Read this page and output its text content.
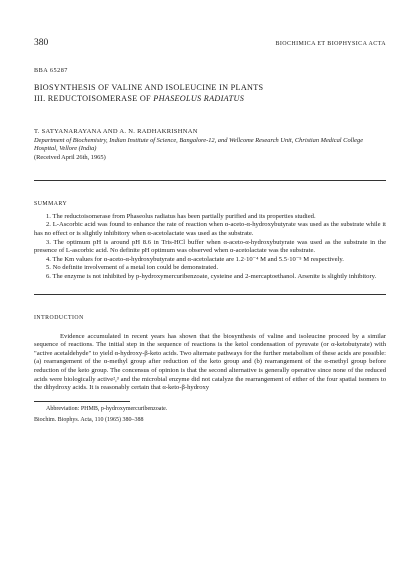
380	BIOCHIMICA ET BIOPHYSICA ACTA
BBA 65287
BIOSYNTHESIS OF VALINE AND ISOLEUCINE IN PLANTS
III. REDUCTOISOMERASE OF PHASEOLUS RADIATUS
T. SATYANARAYANA AND A. N. RADHAKRISHNAN
Department of Biochemistry, Indian Institute of Science, Bangalore-12, and Wellcome Research Unit, Christian Medical College Hospital, Vellore (India)
(Received April 26th, 1965)
SUMMARY

1. The reductoisomerase from Phaseolus radiatus has been partially purified and its properties studied.

2. L-Ascorbic acid was found to enhance the rate of reaction when α-aceto-α-hydroxybutyrate was used as the substrate while it has no effect or is slightly inhibitory when α-acetolactate was used as the substrate.

3. The optimum pH is around pH 8.6 in Tris-HCl buffer when α-aceto-α-hydroxybutyrate was used as the substrate in the presence of L-ascorbic acid. No definite pH optimum was observed when α-acetolactate was the substrate.

4. The Km values for α-aceto-α-hydroxybutyrate and α-acetolactate are 1.2·10⁻⁴ M and 5.5·10⁻⁵ M respectively.

5. No definite involvement of a metal ion could be demonstrated.

6. The enzyme is not inhibited by p-hydroxymercuribenzoate, cysteine and 2-mercaptoethanol. Arsenite is slightly inhibitory.

INTRODUCTION

Evidence accumulated in recent years has shown that the biosynthesis of valine and isoleucine proceed by a similar sequence of reactions. The initial step in the sequence of reactions is the ketol condensation of pyruvate (or α-ketobutyrate) with "active acetaldehyde" to yield α-hydroxy-β-keto acids. Two alternate pathways for the further metabolism of these acids are possible: (a) rearrangement of the α-methyl group after reduction of the keto group and (b) rearrangement of the α-methyl group before reduction of the keto group. The concensus of opinion is that the second alternative is generally operative since none of the reduced acids were biologically active²,³ and the microbial enzyme did not catalyze the rearrangement of either of the four spatial isomers to the dihydroxy acids. It is reasonably certain that α-keto-β-hydroxy

Abbreviation: PHMB, p-hydroxymercuribenzoate.

Biochim. Biophys. Acta, 110 (1965) 380–388
